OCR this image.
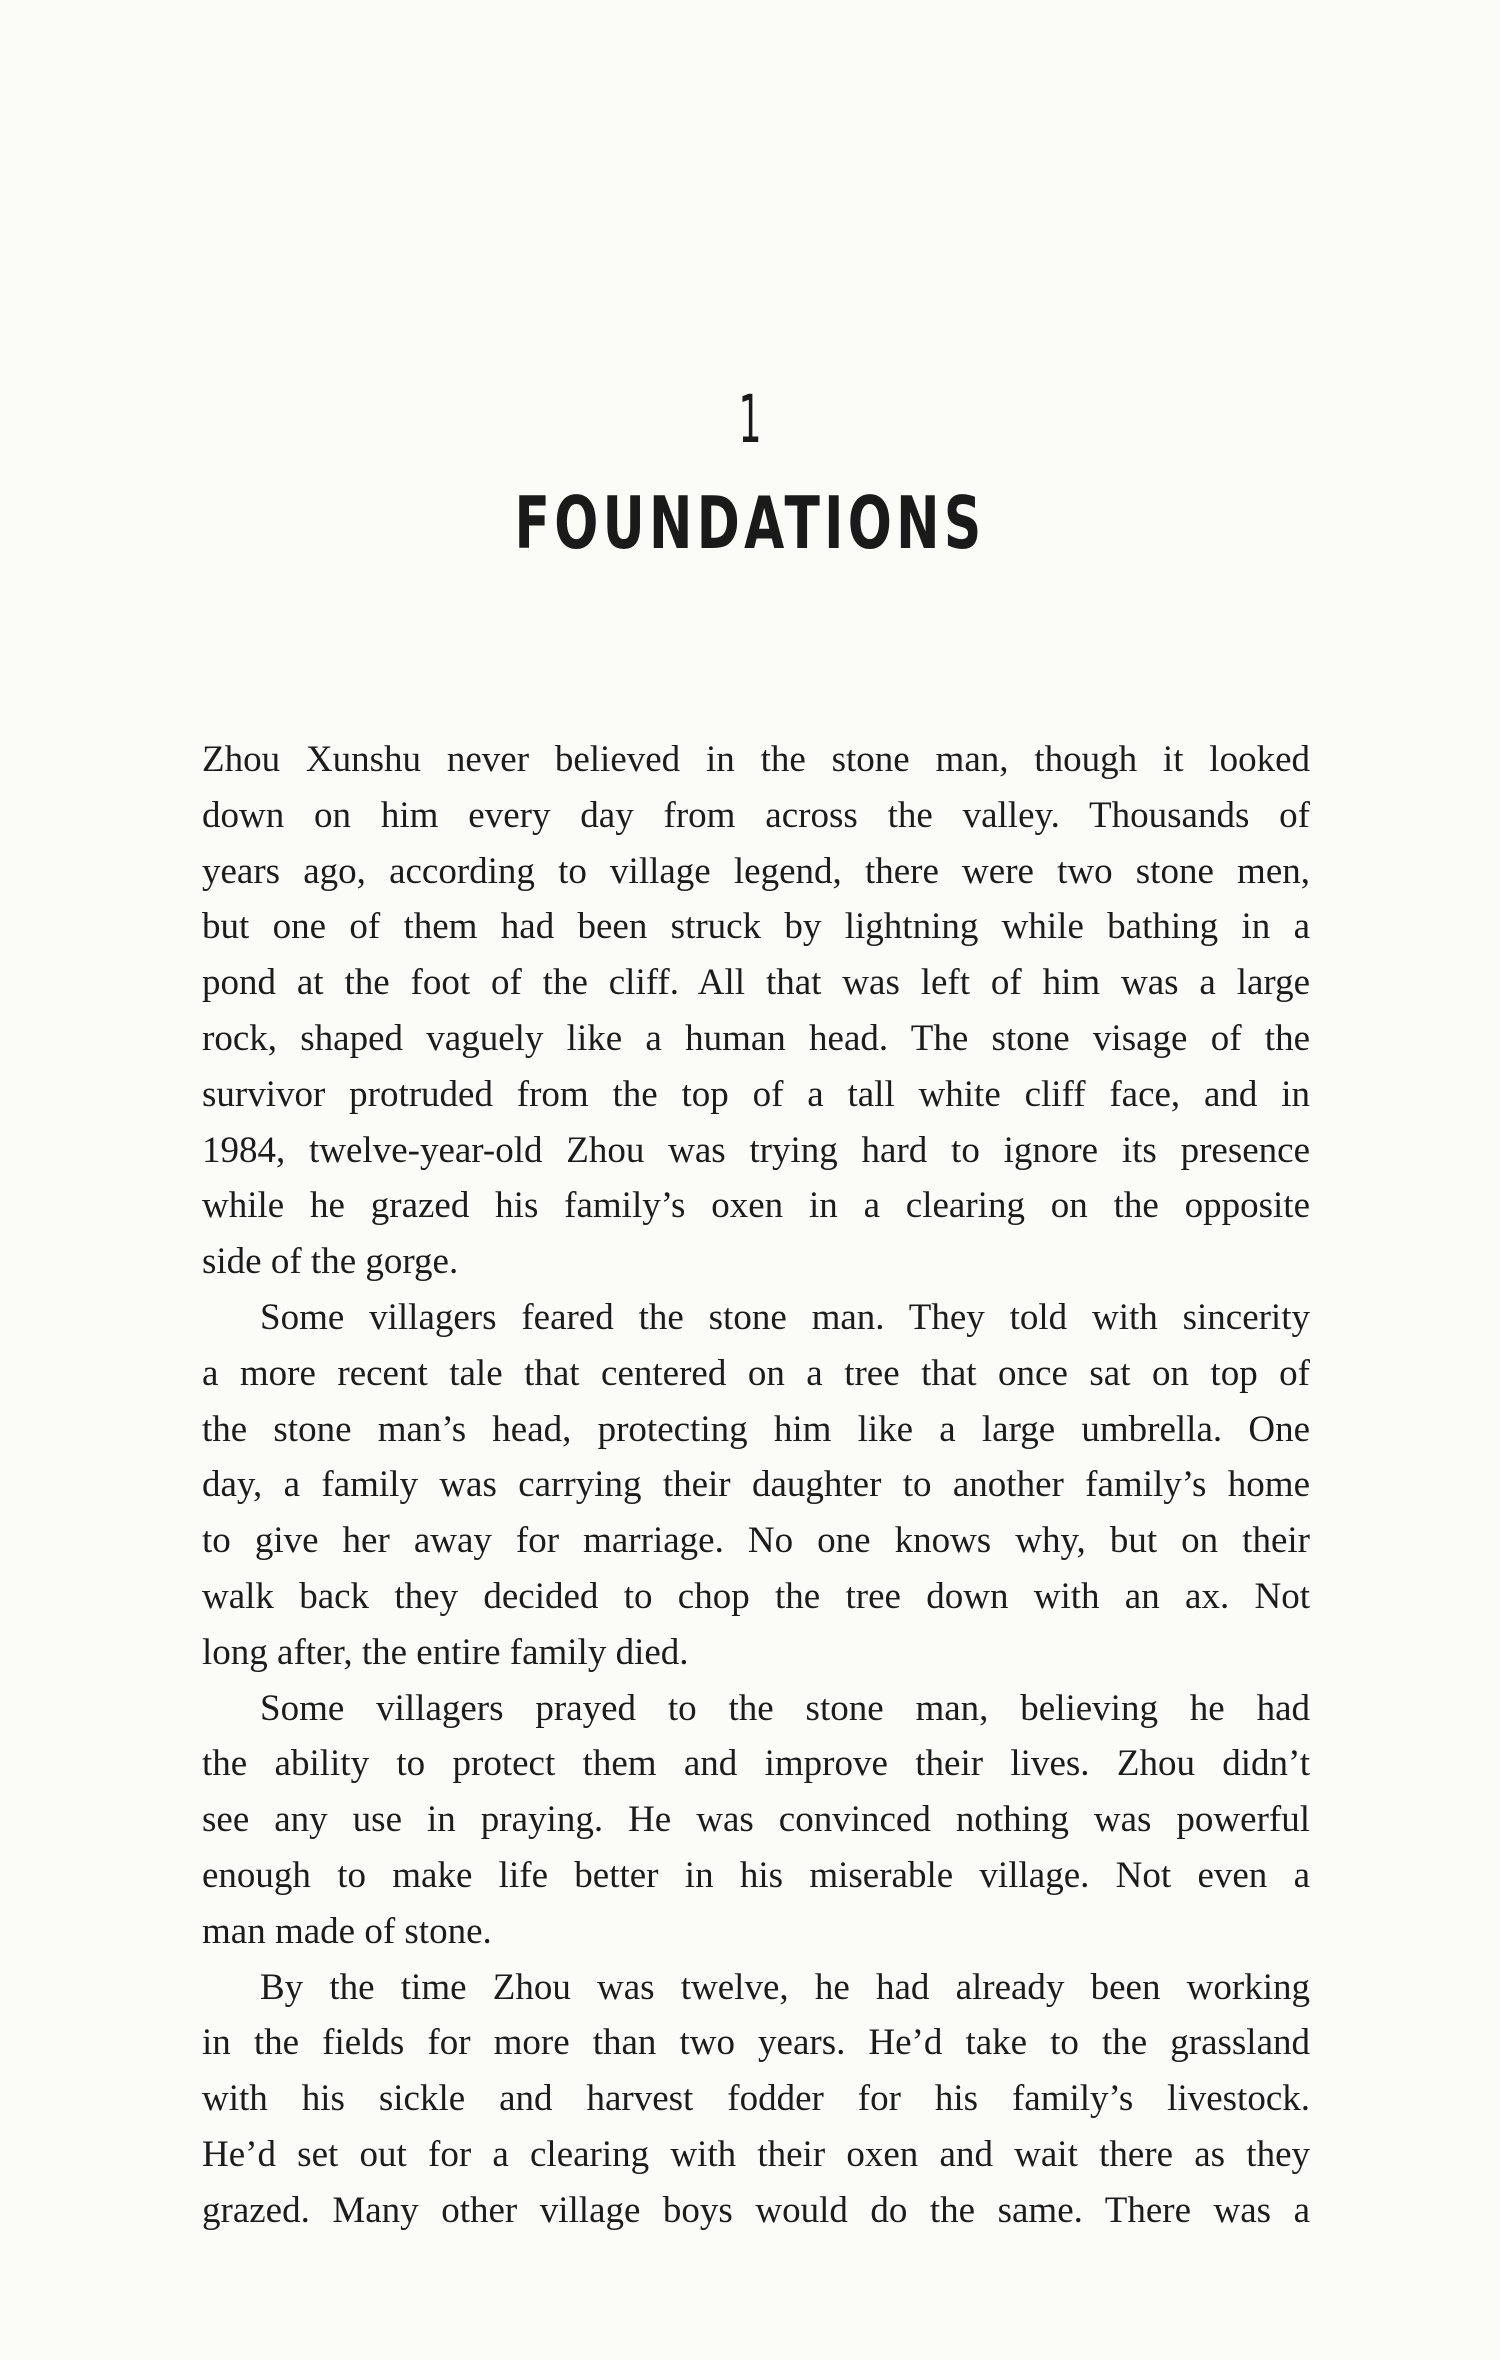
1
FOUNDATIONS

Zhou Xunshu never believed in the stone man, though it looked
down on him every day from across the valley. Thousands of
years ago, according to village legend, there were two stone men,
but one of them had been struck by lightning while bathing in a
pond at the foot of the cliff. All that was left of him was a large
rock, shaped vaguely like a human head. The stone visage of the
survivor protruded from the top of a tall white cliff face, and in
1984, twelve-year-old Zhou was trying hard to ignore its presence
while he grazed his family’s oxen in a clearing on the opposite
side of the gorge.

Some villagers feared the stone man. They told with sincerity
a more recent tale that centered on a tree that once sat on top of
the stone man’s head, protecting him like a large umbrella. One
day, a family was carrying their daughter to another family’s home
to give her away for marriage. No one knows why, but on their
walk back they decided to chop the tree down with an ax. Not
long after, the entire family died.

Some villagers prayed to the stone man, believing he had
the ability to protect them and improve their lives. Zhou didn’t
see any use in praying. He was convinced nothing was powerful
enough to make life better in his miserable village. Not even a
man made of stone.

By the time Zhou was twelve, he had already been working
in the fields for more than two years. He’d take to the grassland
with his sickle and harvest fodder for his family’s livestock.
He’d set out for a clearing with their oxen and wait there as they
grazed. Many other village boys would do the same. There was a
